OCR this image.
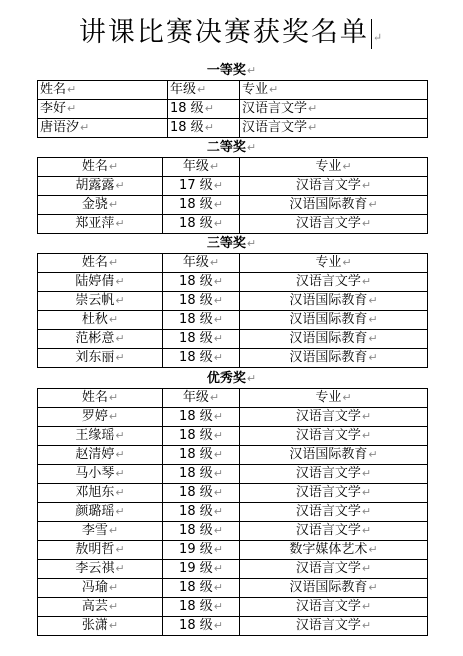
讲课比赛决赛获奖名单 ↵
一等奖↵
姓名↵	年级↵	专业↵
李好↵	18 级↵	汉语言文学↵
唐语汐↵	18 级↵	汉语言文学↵
二等奖↵
姓名↵	年级↵	专业↵
胡露露↵	17 级↵	汉语言文学↵
金骁↵	18 级↵	汉语国际教育↵
郑亚萍↵	18 级↵	汉语言文学↵
三等奖↵
姓名↵	年级↵	专业↵
陆婷倩↵	18 级↵	汉语言文学↵
崇云帆↵	18 级↵	汉语国际教育↵
杜秋↵	18 级↵	汉语国际教育↵
范彬意↵	18 级↵	汉语国际教育↵
刘东丽↵	18 级↵	汉语国际教育↵
优秀奖↵
姓名↵	年级↵	专业↵
罗婷↵	18 级↵	汉语言文学↵
王缘瑶↵	18 级↵	汉语言文学↵
赵清婷↵	18 级↵	汉语国际教育↵
马小琴↵	18 级↵	汉语言文学↵
邓旭东↵	18 级↵	汉语言文学↵
颜璐瑶↵	18 级↵	汉语言文学↵
李雪↵	18 级↵	汉语言文学↵
敖明哲↵	19 级↵	数字媒体艺术↵
李云祺↵	19 级↵	汉语言文学↵
冯瑜↵	18 级↵	汉语国际教育↵
高芸↵	18 级↵	汉语言文学↵
张潇↵	18 级↵	汉语言文学↵
